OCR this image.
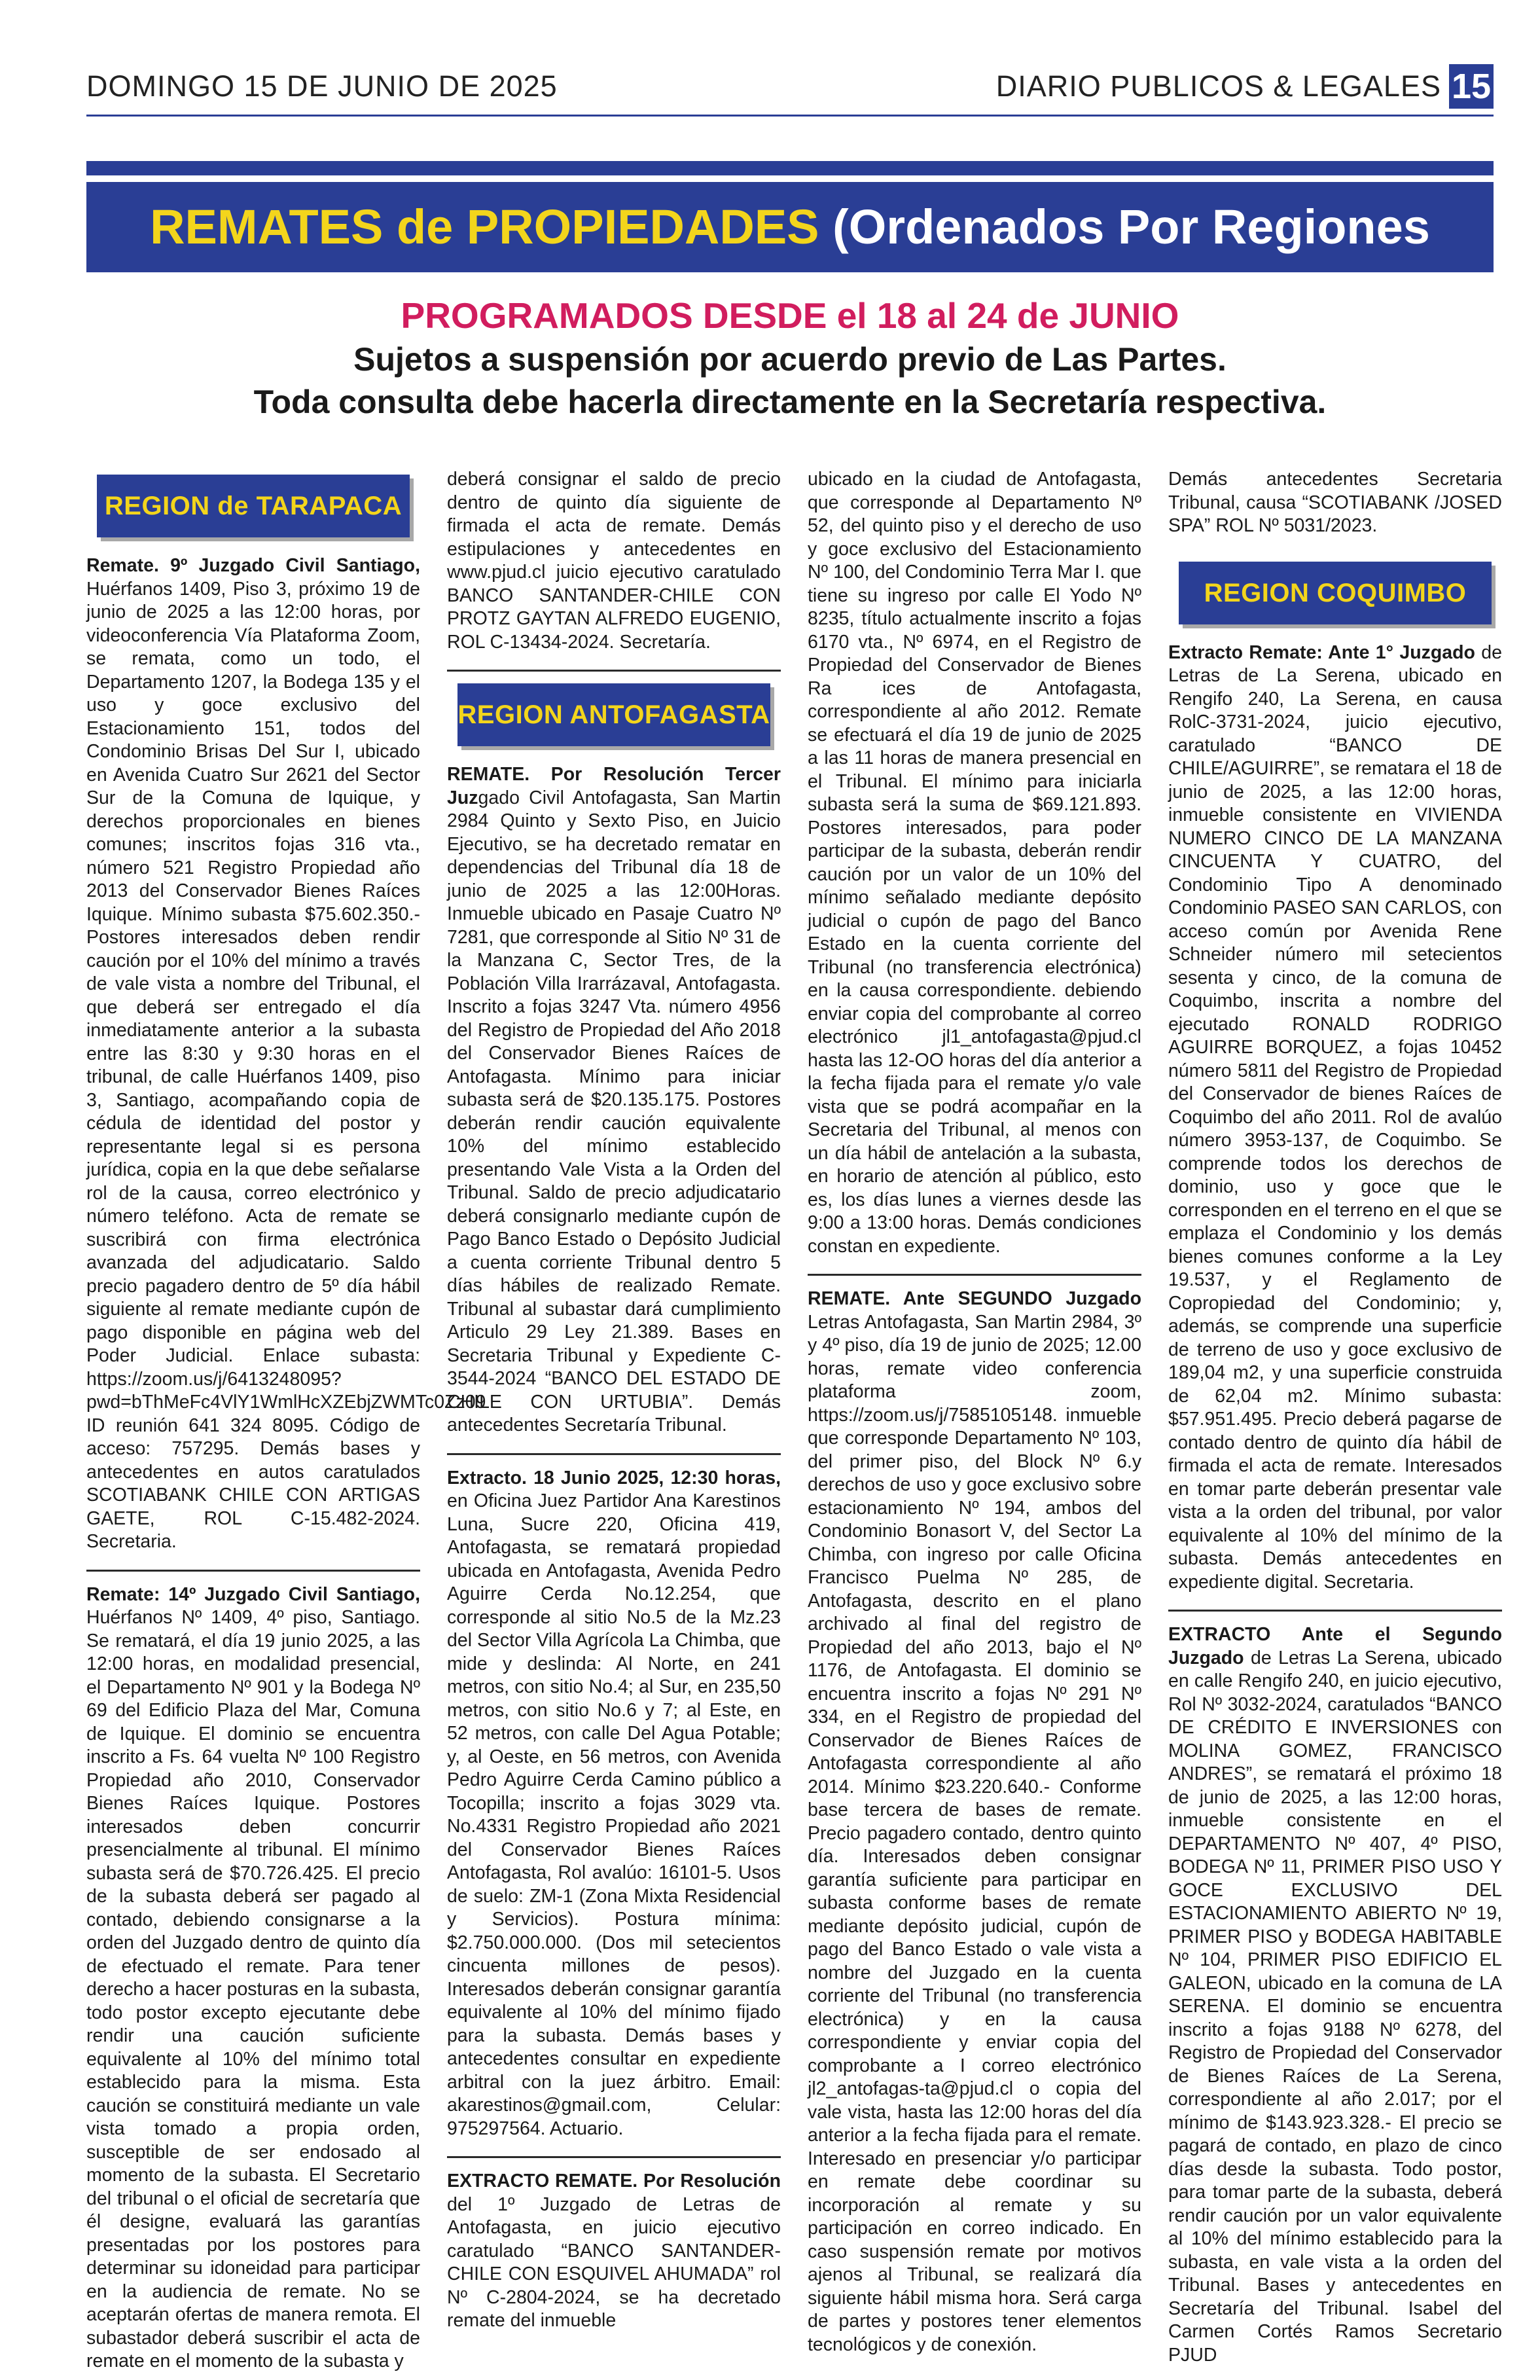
DOMINGO 15 DE JUNIO DE 2025	DIARIO PUBLICOS & LEGALES 15
REMATES de PROPIEDADES (Ordenados Por Regiones
PROGRAMADOS DESDE el 18 al 24 de JUNIO
Sujetos a suspensión por acuerdo previo de Las Partes.
Toda consulta debe hacerla directamente en la Secretaría respectiva.
REGION de TARAPACA

Remate. 9º Juzgado Civil Santiago, Huérfanos 1409, Piso 3, próximo 19 de junio de 2025 a las 12:00 horas, por videoconferencia Vía Plataforma Zoom, se remata, como un todo, el Departamento 1207, la Bodega 135 y el uso y goce exclusivo del Estacionamiento 151, todos del Condominio Brisas Del Sur I, ubicado en Avenida Cuatro Sur 2621 del Sector Sur de la Comuna de Iquique, y derechos proporcionales en bienes comunes; inscritos fojas 316 vta., número 521 Registro Propiedad año 2013 del Conservador Bienes Raíces Iquique. Mínimo subasta $75.602.350.- Postores interesados deben rendir caución por el 10% del mínimo a través de vale vista a nombre del Tribunal, el que deberá ser entregado el día inmediatamente anterior a la subasta entre las 8:30 y 9:30 horas en el tribunal, de calle Huérfanos 1409, piso 3, Santiago, acompañando copia de cédula de identidad del postor y representante legal si es persona jurídica, copia en la que debe señalarse rol de la causa, correo electrónico y número teléfono. Acta de remate se suscribirá con firma electrónica avanzada del adjudicatario. Saldo precio pagadero dentro de 5º día hábil siguiente al remate mediante cupón de pago disponible en página web del Poder Judicial. Enlace subasta: https://zoom.us/j/6413248095?pwd=bThMeFc4VlY1WmlHcXZEbjZWMTc0Zz09 ID reunión 641 324 8095. Código de acceso: 757295. Demás bases y antecedentes en autos caratulados SCOTIABANK CHILE CON ARTIGAS GAETE, ROL C-15.482-2024. Secretaria.

Remate: 14º Juzgado Civil Santiago, Huérfanos Nº 1409, 4º piso, Santiago. Se rematará, el día 19 junio 2025, a las 12:00 horas, en modalidad presencial, el Departamento Nº 901 y la Bodega Nº 69 del Edificio Plaza del Mar, Comuna de Iquique. El dominio se encuentra inscrito a Fs. 64 vuelta Nº 100 Registro Propiedad año 2010, Conservador Bienes Raíces Iquique. Postores interesados deben concurrir presencialmente al tribunal. El mínimo subasta será de $70.726.425. El precio de la subasta deberá ser pagado al contado, debiendo consignarse a la orden del Juzgado dentro de quinto día de efectuado el remate. Para tener derecho a hacer posturas en la subasta, todo postor excepto ejecutante debe rendir una caución suficiente equivalente al 10% del mínimo total establecido para la misma. Esta caución se constituirá mediante un vale vista tomado a propia orden, susceptible de ser endosado al momento de la subasta. El Secretario del tribunal o el oficial de secretaría que él designe, evaluará las garantías presentadas por los postores para determinar su idoneidad para participar en la audiencia de remate. No se aceptarán ofertas de manera remota. El subastador deberá suscribir el acta de remate en el momento de la subasta y

deberá consignar el saldo de precio dentro de quinto día siguiente de firmada el acta de remate. Demás estipulaciones y antecedentes en www.pjud.cl juicio ejecutivo caratulado BANCO SANTANDER-CHILE CON PROTZ GAYTAN ALFREDO EUGENIO, ROL C-13434-2024. Secretaría.

REGION ANTOFAGASTA

REMATE. Por Resolución Tercer Juzgado Civil Antofagasta, San Martin 2984 Quinto y Sexto Piso, en Juicio Ejecutivo, se ha decretado rematar en dependencias del Tribunal día 18 de junio de 2025 a las 12:00Horas. Inmueble ubicado en Pasaje Cuatro Nº 7281, que corresponde al Sitio Nº 31 de la Manzana C, Sector Tres, de la Población Villa Irarrázaval, Antofagasta. Inscrito a fojas 3247 Vta. número 4956 del Registro de Propiedad del Año 2018 del Conservador Bienes Raíces de Antofagasta. Mínimo para iniciar subasta será de $20.135.175. Postores deberán rendir caución equivalente 10% del mínimo establecido presentando Vale Vista a la Orden del Tribunal. Saldo de precio adjudicatario deberá consignarlo mediante cupón de Pago Banco Estado o Depósito Judicial a cuenta corriente Tribunal dentro 5 días hábiles de realizado Remate. Tribunal al subastar dará cumplimiento Articulo 29 Ley 21.389. Bases en Secretaria Tribunal y Expediente C-3544-2024 “BANCO DEL ESTADO DE CHILE CON URTUBIA”. Demás antecedentes Secretaría Tribunal.

Extracto. 18 Junio 2025, 12:30 horas, en Oficina Juez Partidor Ana Karestinos Luna, Sucre 220, Oficina 419, Antofagasta, se rematará propiedad ubicada en Antofagasta, Avenida Pedro Aguirre Cerda No.12.254, que corresponde al sitio No.5 de la Mz.23 del Sector Villa Agrícola La Chimba, que mide y deslinda: Al Norte, en 241 metros, con sitio No.4; al Sur, en 235,50 metros, con sitio No.6 y 7; al Este, en 52 metros, con calle Del Agua Potable; y, al Oeste, en 56 metros, con Avenida Pedro Aguirre Cerda Camino público a Tocopilla; inscrito a fojas 3029 vta. No.4331 Registro Propiedad año 2021 del Conservador Bienes Raíces Antofagasta, Rol avalúo: 16101-5. Usos de suelo: ZM-1 (Zona Mixta Residencial y Servicios). Postura mínima: $2.750.000.000. (Dos mil setecientos cincuenta millones de pesos). Interesados deberán consignar garantía equivalente al 10% del mínimo fijado para la subasta. Demás bases y antecedentes consultar en expediente arbitral con la juez árbitro. Email: akarestinos@gmail.com, Celular: 975297564. Actuario.

EXTRACTO REMATE. Por Resolución del 1º Juzgado de Letras de Antofagasta, en juicio ejecutivo caratulado “BANCO SANTANDER-CHILE CON ESQUIVEL AHUMADA” rol Nº C-2804-2024, se ha decretado remate del inmueble

ubicado en la ciudad de Antofagasta, que corresponde al Departamento Nº 52, del quinto piso y el derecho de uso y goce exclusivo del Estacionamiento Nº 100, del Condominio Terra Mar I. que tiene su ingreso por calle El Yodo Nº 8235, título actualmente inscrito a fojas 6170 vta., Nº 6974, en el Registro de Propiedad del Conservador de Bienes Ra ices de Antofagasta, correspondiente al año 2012. Remate se efectuará el día 19 de junio de 2025 a las 11 horas de manera presencial en el Tribunal. El mínimo para iniciarla subasta será la suma de $69.121.893. Postores interesados, para poder participar de la subasta, deberán rendir caución por un valor de un 10% del mínimo señalado mediante depósito judicial o cupón de pago del Banco Estado en la cuenta corriente del Tribunal (no transferencia electrónica) en la causa correspondiente. debiendo enviar copia del comprobante al correo electrónico jl1_antofagasta@pjud.cl hasta las 12-OO horas del día anterior a la fecha fijada para el remate y/o vale vista que se podrá acompañar en la Secretaria del Tribunal, al menos con un día hábil de antelación a la subasta, en horario de atención al público, esto es, los días lunes a viernes desde las 9:00 a 13:00 horas. Demás condiciones constan en expediente.

REMATE. Ante SEGUNDO Juzgado Letras Antofagasta, San Martin 2984, 3º y 4º piso, día 19 de junio de 2025; 12.00 horas, remate video conferencia plataforma zoom, https://zoom.us/j/7585105148. inmueble que corresponde Departamento Nº 103, del primer piso, del Block Nº 6.y derechos de uso y goce exclusivo sobre estacionamiento Nº 194, ambos del Condominio Bonasort V, del Sector La Chimba, con ingreso por calle Oficina Francisco Puelma Nº 285, de Antofagasta, descrito en el plano archivado al final del registro de Propiedad del año 2013, bajo el Nº 1176, de Antofagasta. El dominio se encuentra inscrito a fojas Nº 291 Nº 334, en el Registro de propiedad del Conservador de Bienes Raíces de Antofagasta correspondiente al año 2014. Mínimo $23.220.640.- Conforme base tercera de bases de remate. Precio pagadero contado, dentro quinto día. Interesados deben consignar garantía suficiente para participar en subasta conforme bases de remate mediante depósito judicial, cupón de pago del Banco Estado o vale vista a nombre del Juzgado en la cuenta corriente del Tribunal (no transferencia electrónica) y en la causa correspondiente y enviar copia del comprobante a I correo electrónico jl2_antofagas-ta@pjud.cl o copia del vale vista, hasta las 12:00 horas del día anterior a la fecha fijada para el remate. Interesado en presenciar y/o participar en remate debe coordinar su incorporación al remate y su participación en correo indicado. En caso suspensión remate por motivos ajenos al Tribunal, se realizará día siguiente hábil misma hora. Será carga de partes y postores tener elementos tecnológicos y de conexión.

Demás antecedentes Secretaria Tribunal, causa “SCOTIABANK /JOSED SPA” ROL Nº 5031/2023.

REGION COQUIMBO

Extracto Remate: Ante 1° Juzgado de Letras de La Serena, ubicado en Rengifo 240, La Serena, en causa RolC-3731-2024, juicio ejecutivo, caratulado “BANCO DE CHILE/AGUIRRE”, se rematara el 18 de junio de 2025, a las 12:00 horas, inmueble consistente en VIVIENDA NUMERO CINCO DE LA MANZANA CINCUENTA Y CUATRO, del Condominio Tipo A denominado Condominio PASEO SAN CARLOS, con acceso común por Avenida Rene Schneider número mil setecientos sesenta y cinco, de la comuna de Coquimbo, inscrita a nombre del ejecutado RONALD RODRIGO AGUIRRE BORQUEZ, a fojas 10452 número 5811 del Registro de Propiedad del Conservador de bienes Raíces de Coquimbo del año 2011. Rol de avalúo número 3953-137, de Coquimbo. Se comprende todos los derechos de dominio, uso y goce que le corresponden en el terreno en el que se emplaza el Condominio y los demás bienes comunes conforme a la Ley 19.537, y el Reglamento de Copropiedad del Condominio; y, además, se comprende una superficie de terreno de uso y goce exclusivo de 189,04 m2, y una superficie construida de 62,04 m2. Mínimo subasta: $57.951.495. Precio deberá pagarse de contado dentro de quinto día hábil de firmada el acta de remate. Interesados en tomar parte deberán presentar vale vista a la orden del tribunal, por valor equivalente al 10% del mínimo de la subasta. Demás antecedentes en expediente digital. Secretaria.

EXTRACTO Ante el Segundo Juzgado de Letras La Serena, ubicado en calle Rengifo 240, en juicio ejecutivo, Rol Nº 3032-2024, caratulados “BANCO DE CRÉDITO E INVERSIONES con MOLINA GOMEZ, FRANCISCO ANDRES”, se rematará el próximo 18 de junio de 2025, a las 12:00 horas, inmueble consistente en el DEPARTAMENTO Nº 407, 4º PISO, BODEGA Nº 11, PRIMER PISO USO Y GOCE EXCLUSIVO DEL ESTACIONAMIENTO ABIERTO Nº 19, PRIMER PISO y BODEGA HABITABLE Nº 104, PRIMER PISO EDIFICIO EL GALEON, ubicado en la comuna de LA SERENA. El dominio se encuentra inscrito a fojas 9188 Nº 6278, del Registro de Propiedad del Conservador de Bienes Raíces de La Serena, correspondiente al año 2.017; por el mínimo de $143.923.328.- El precio se pagará de contado, en plazo de cinco días desde la subasta. Todo postor, para tomar parte de la subasta, deberá rendir caución por un valor equivalente al 10% del mínimo establecido para la subasta, en vale vista a la orden del Tribunal. Bases y antecedentes en Secretaría del Tribunal. Isabel del Carmen Cortés Ramos Secretario PJUD
